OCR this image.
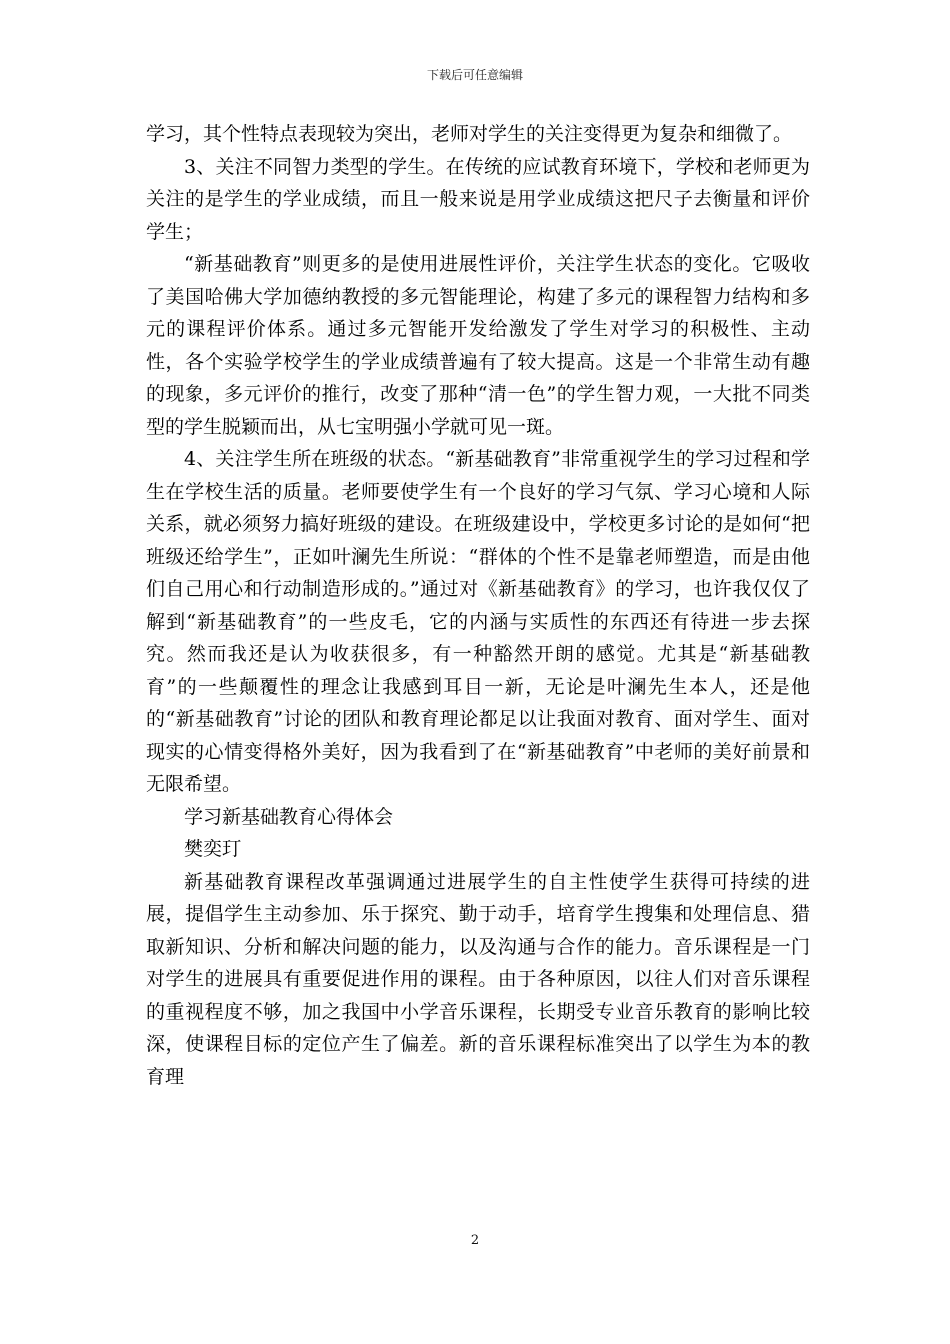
下载后可任意编辑

学习，其个性特点表现较为突出，老师对学生的关注变得更为复杂和细微了。

3、关注不同智力类型的学生。在传统的应试教育环境下，学校和老师更为关注的是学生的学业成绩，而且一般来说是用学业成绩这把尺子去衡量和评价学生；

“新基础教育”则更多的是使用进展性评价，关注学生状态的变化。它吸收了美国哈佛大学加德纳教授的多元智能理论，构建了多元的课程智力结构和多元的课程评价体系。通过多元智能开发给激发了学生对学习的积极性、主动性，各个实验学校学生的学业成绩普遍有了较大提高。这是一个非常生动有趣的现象，多元评价的推行，改变了那种“清一色”的学生智力观，一大批不同类型的学生脱颖而出，从七宝明强小学就可见一斑。

4、关注学生所在班级的状态。“新基础教育”非常重视学生的学习过程和学生在学校生活的质量。老师要使学生有一个良好的学习气氛、学习心境和人际关系，就必须努力搞好班级的建设。在班级建设中，学校更多讨论的是如何“把班级还给学生”，正如叶澜先生所说：“群体的个性不是靠老师塑造，而是由他们自己用心和行动制造形成的。”通过对《新基础教育》的学习，也许我仅仅了解到“新基础教育”的一些皮毛，它的内涵与实质性的东西还有待进一步去探究。然而我还是认为收获很多，有一种豁然开朗的感觉。尤其是“新基础教育”的一些颠覆性的理念让我感到耳目一新，无论是叶澜先生本人，还是他的“新基础教育”讨论的团队和教育理论都足以让我面对教育、面对学生、面对现实的心情变得格外美好，因为我看到了在“新基础教育”中老师的美好前景和无限希望。

学习新基础教育心得体会

樊奕玎

新基础教育课程改革强调通过进展学生的自主性使学生获得可持续的进展，提倡学生主动参加、乐于探究、勤于动手，培育学生搜集和处理信息、猎取新知识、分析和解决问题的能力，以及沟通与合作的能力。音乐课程是一门对学生的进展具有重要促进作用的课程。由于各种原因，以往人们对音乐课程的重视程度不够，加之我国中小学音乐课程，长期受专业音乐教育的影响比较深，使课程目标的定位产生了偏差。新的音乐课程标准突出了以学生为本的教育理

2
